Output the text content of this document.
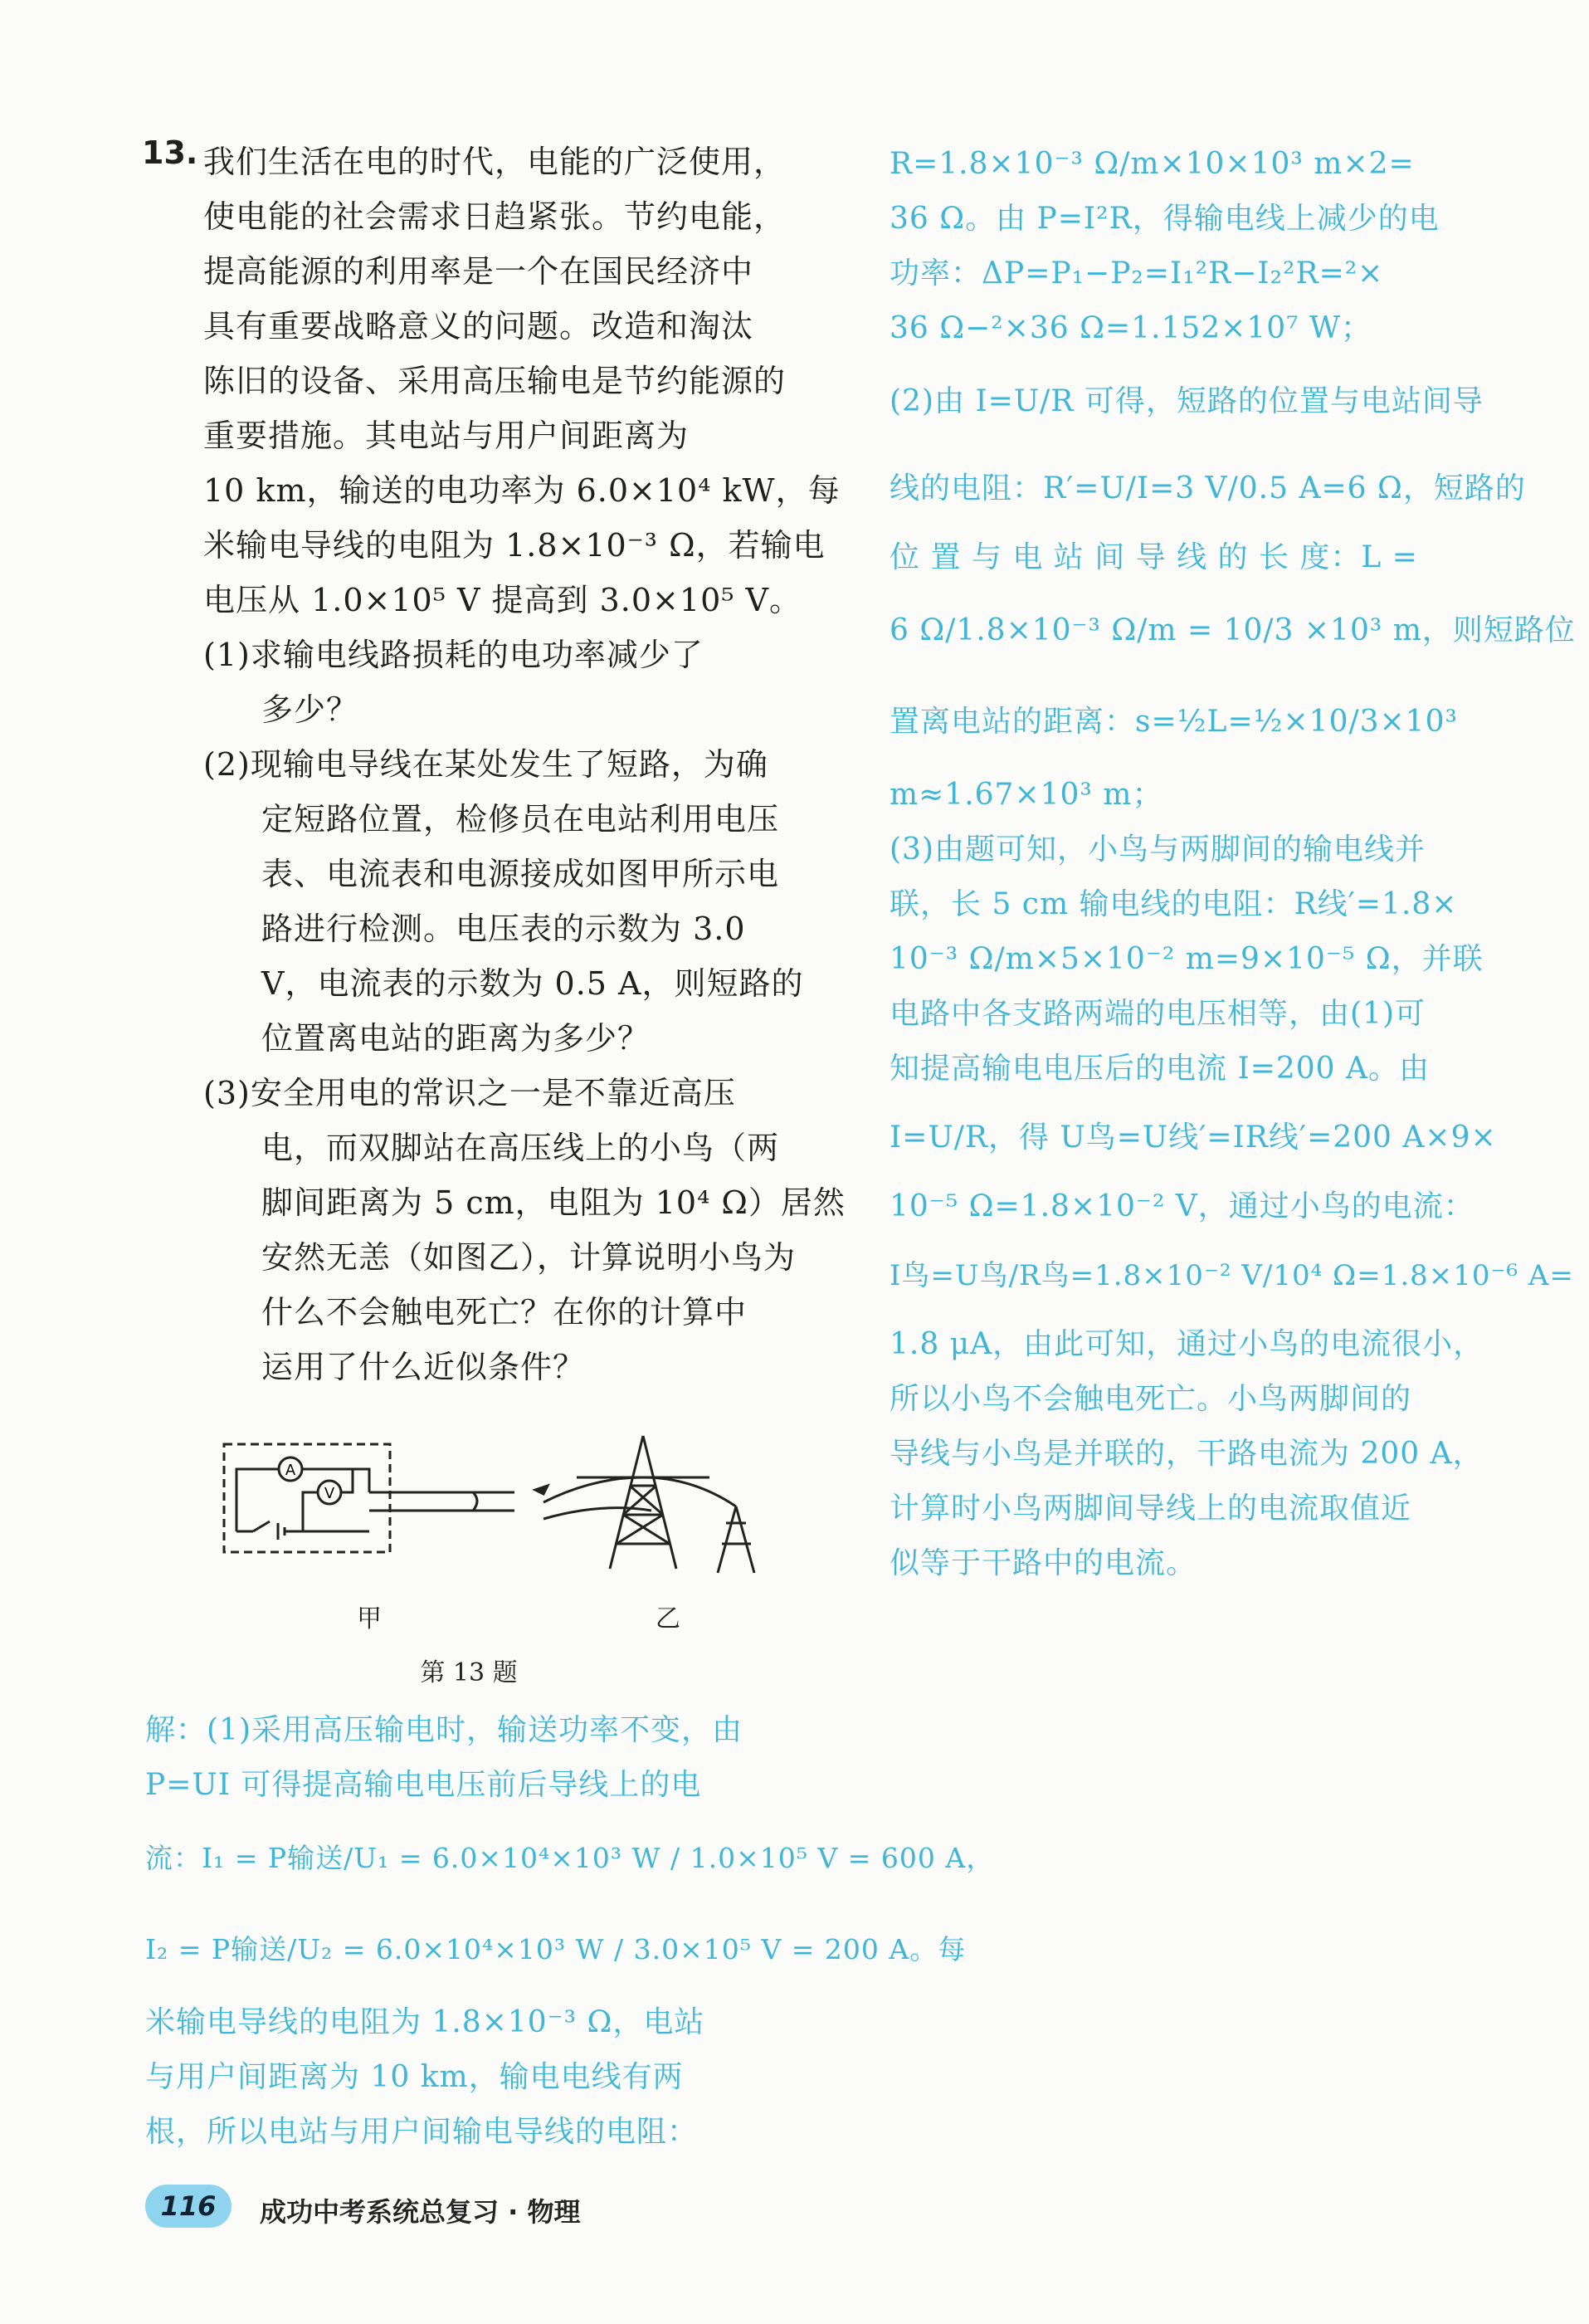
13. 我们生活在电的时代，电能的广泛使用，
使电能的社会需求日趋紧张。节约电能，
提高能源的利用率是一个在国民经济中
具有重要战略意义的问题。改造和淘汰
陈旧的设备、采用高压输电是节约能源的
重要措施。其电站与用户间距离为
10 km，输送的电功率为 6.0×10⁴ kW，每
米输电导线的电阻为 1.8×10⁻³ Ω，若输电
电压从 1.0×10⁵ V 提高到 3.0×10⁵ V。
(1)求输电线路损耗的电功率减少了
多少？
(2)现输电导线在某处发生了短路，为确
定短路位置，检修员在电站利用电压
表、电流表和电源接成如图甲所示电
路进行检测。电压表的示数为 3.0
V，电流表的示数为 0.5 A，则短路的
位置离电站的距离为多少？
(3)安全用电的常识之一是不靠近高压
电，而双脚站在高压线上的小鸟（两
脚间距离为 5 cm，电阻为 10⁴ Ω）居然
安然无恙（如图乙），计算说明小鸟为
什么不会触电死亡？在你的计算中
运用了什么近似条件？
A
V
甲	乙
第 13 题
解：(1)采用高压输电时，输送功率不变，由
P=UI 可得提高输电电压前后导线上的电
流：I₁ = P输送/U₁ = 6.0×10⁴×10³ W / 1.0×10⁵ V = 600 A，
I₂ = P输送/U₂ = 6.0×10⁴×10³ W / 3.0×10⁵ V = 200 A。每
米输电导线的电阻为 1.8×10⁻³ Ω，电站
与用户间距离为 10 km，输电电线有两
根，所以电站与用户间输电导线的电阻：
R=1.8×10⁻³ Ω/m×10×10³ m×2=
36 Ω。由 P=I²R，得输电线上减少的电
功率：ΔP=P₁−P₂=I₁²R−I₂²R=²×
36 Ω−²×36 Ω=1.152×10⁷ W；
(2)由 I=U/R 可得，短路的位置与电站间导
线的电阻：R′=U/I=3 V/0.5 A=6 Ω，短路的
位 置 与 电 站 间 导 线 的 长 度：L =
6 Ω/1.8×10⁻³ Ω/m = 10/3 ×10³ m，则短路位
置离电站的距离：s=½L=½×10/3×10³
m≈1.67×10³ m；
(3)由题可知，小鸟与两脚间的输电线并
联，长 5 cm 输电线的电阻：R线′=1.8×
10⁻³ Ω/m×5×10⁻² m=9×10⁻⁵ Ω，并联
电路中各支路两端的电压相等，由(1)可
知提高输电电压后的电流 I=200 A。由
I=U/R，得 U鸟=U线′=IR线′=200 A×9×
10⁻⁵ Ω=1.8×10⁻² V，通过小鸟的电流：
I鸟=U鸟/R鸟=1.8×10⁻² V/10⁴ Ω=1.8×10⁻⁶ A=
1.8 μA，由此可知，通过小鸟的电流很小，
所以小鸟不会触电死亡。小鸟两脚间的
导线与小鸟是并联的，干路电流为 200 A，
计算时小鸟两脚间导线上的电流取值近
似等于干路中的电流。
116	成功中考系统总复习 · 物理
